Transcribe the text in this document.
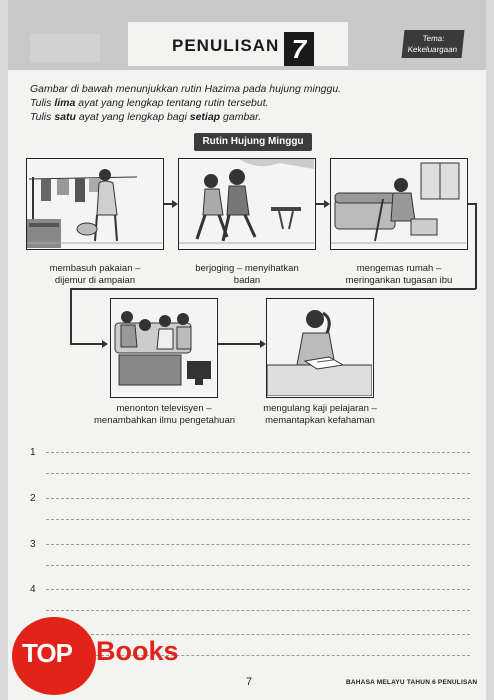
PENULISAN 7	Tema:
Kekeluargaan
Gambar di bawah menunjukkan rutin Hazima pada hujung minggu.
Tulis lima ayat yang lengkap tentang rutin tersebut.
Tulis satu ayat yang lengkap bagi setiap gambar.
Rutin Hujung Minggu
membasuh pakaian –
dijemur di ampaian
berjoging – menyihatkan
badan
mengemas rumah –
meringankan tugasan ibu
menonton televisyen –
menambahkan ilmu pengetahuan
mengulang kaji pelajaran –
memantapkan kefahaman
1
2
3
4
7	BAHASA MELAYU TAHUN 6 PENULISAN
5
TOP Books
